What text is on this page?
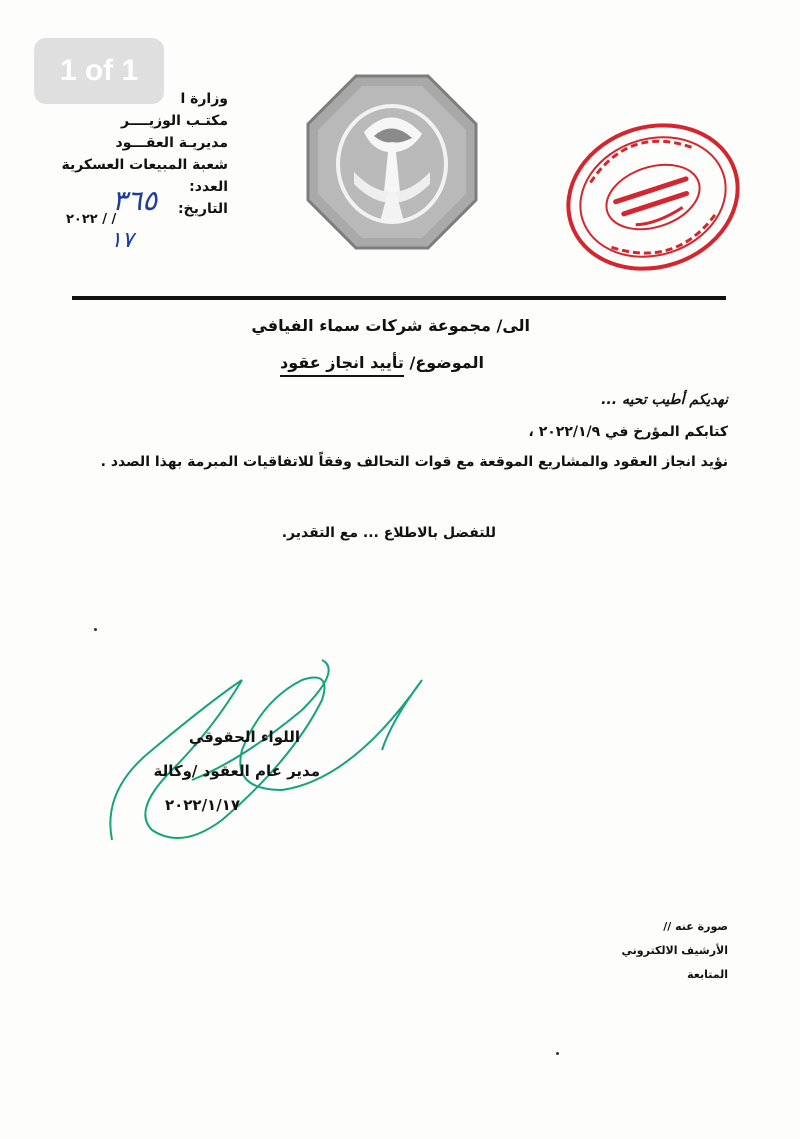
1 of 1
وزارة ا
مكتـب الوزيــــر
مديريـة العقـــود
شعبة المبيعات العسكرية
العدد:
التاريخ:
٢٠٢٢ / /
٣٦٥
١٧
الى/ مجموعة شركات سماء الفيافي
الموضوع/ تأييد انجاز عقود
نهديكم أطيب تحيه ...
كتابكم المؤرخ في ٢٠٢٢/١/٩ ،
نؤيد انجاز العقود والمشاريع الموقعة مع قوات التحالف وفقاً للاتفاقيات المبرمة بهذا الصدد .
للتفضل بالاطلاع ... مع التقدير.
اللواء الحقوقي
مدير عام العقود /وكالة
٢٠٢٢/١/١٧
صورة عنه //
الأرشيف الالكتروني
المتابعة
